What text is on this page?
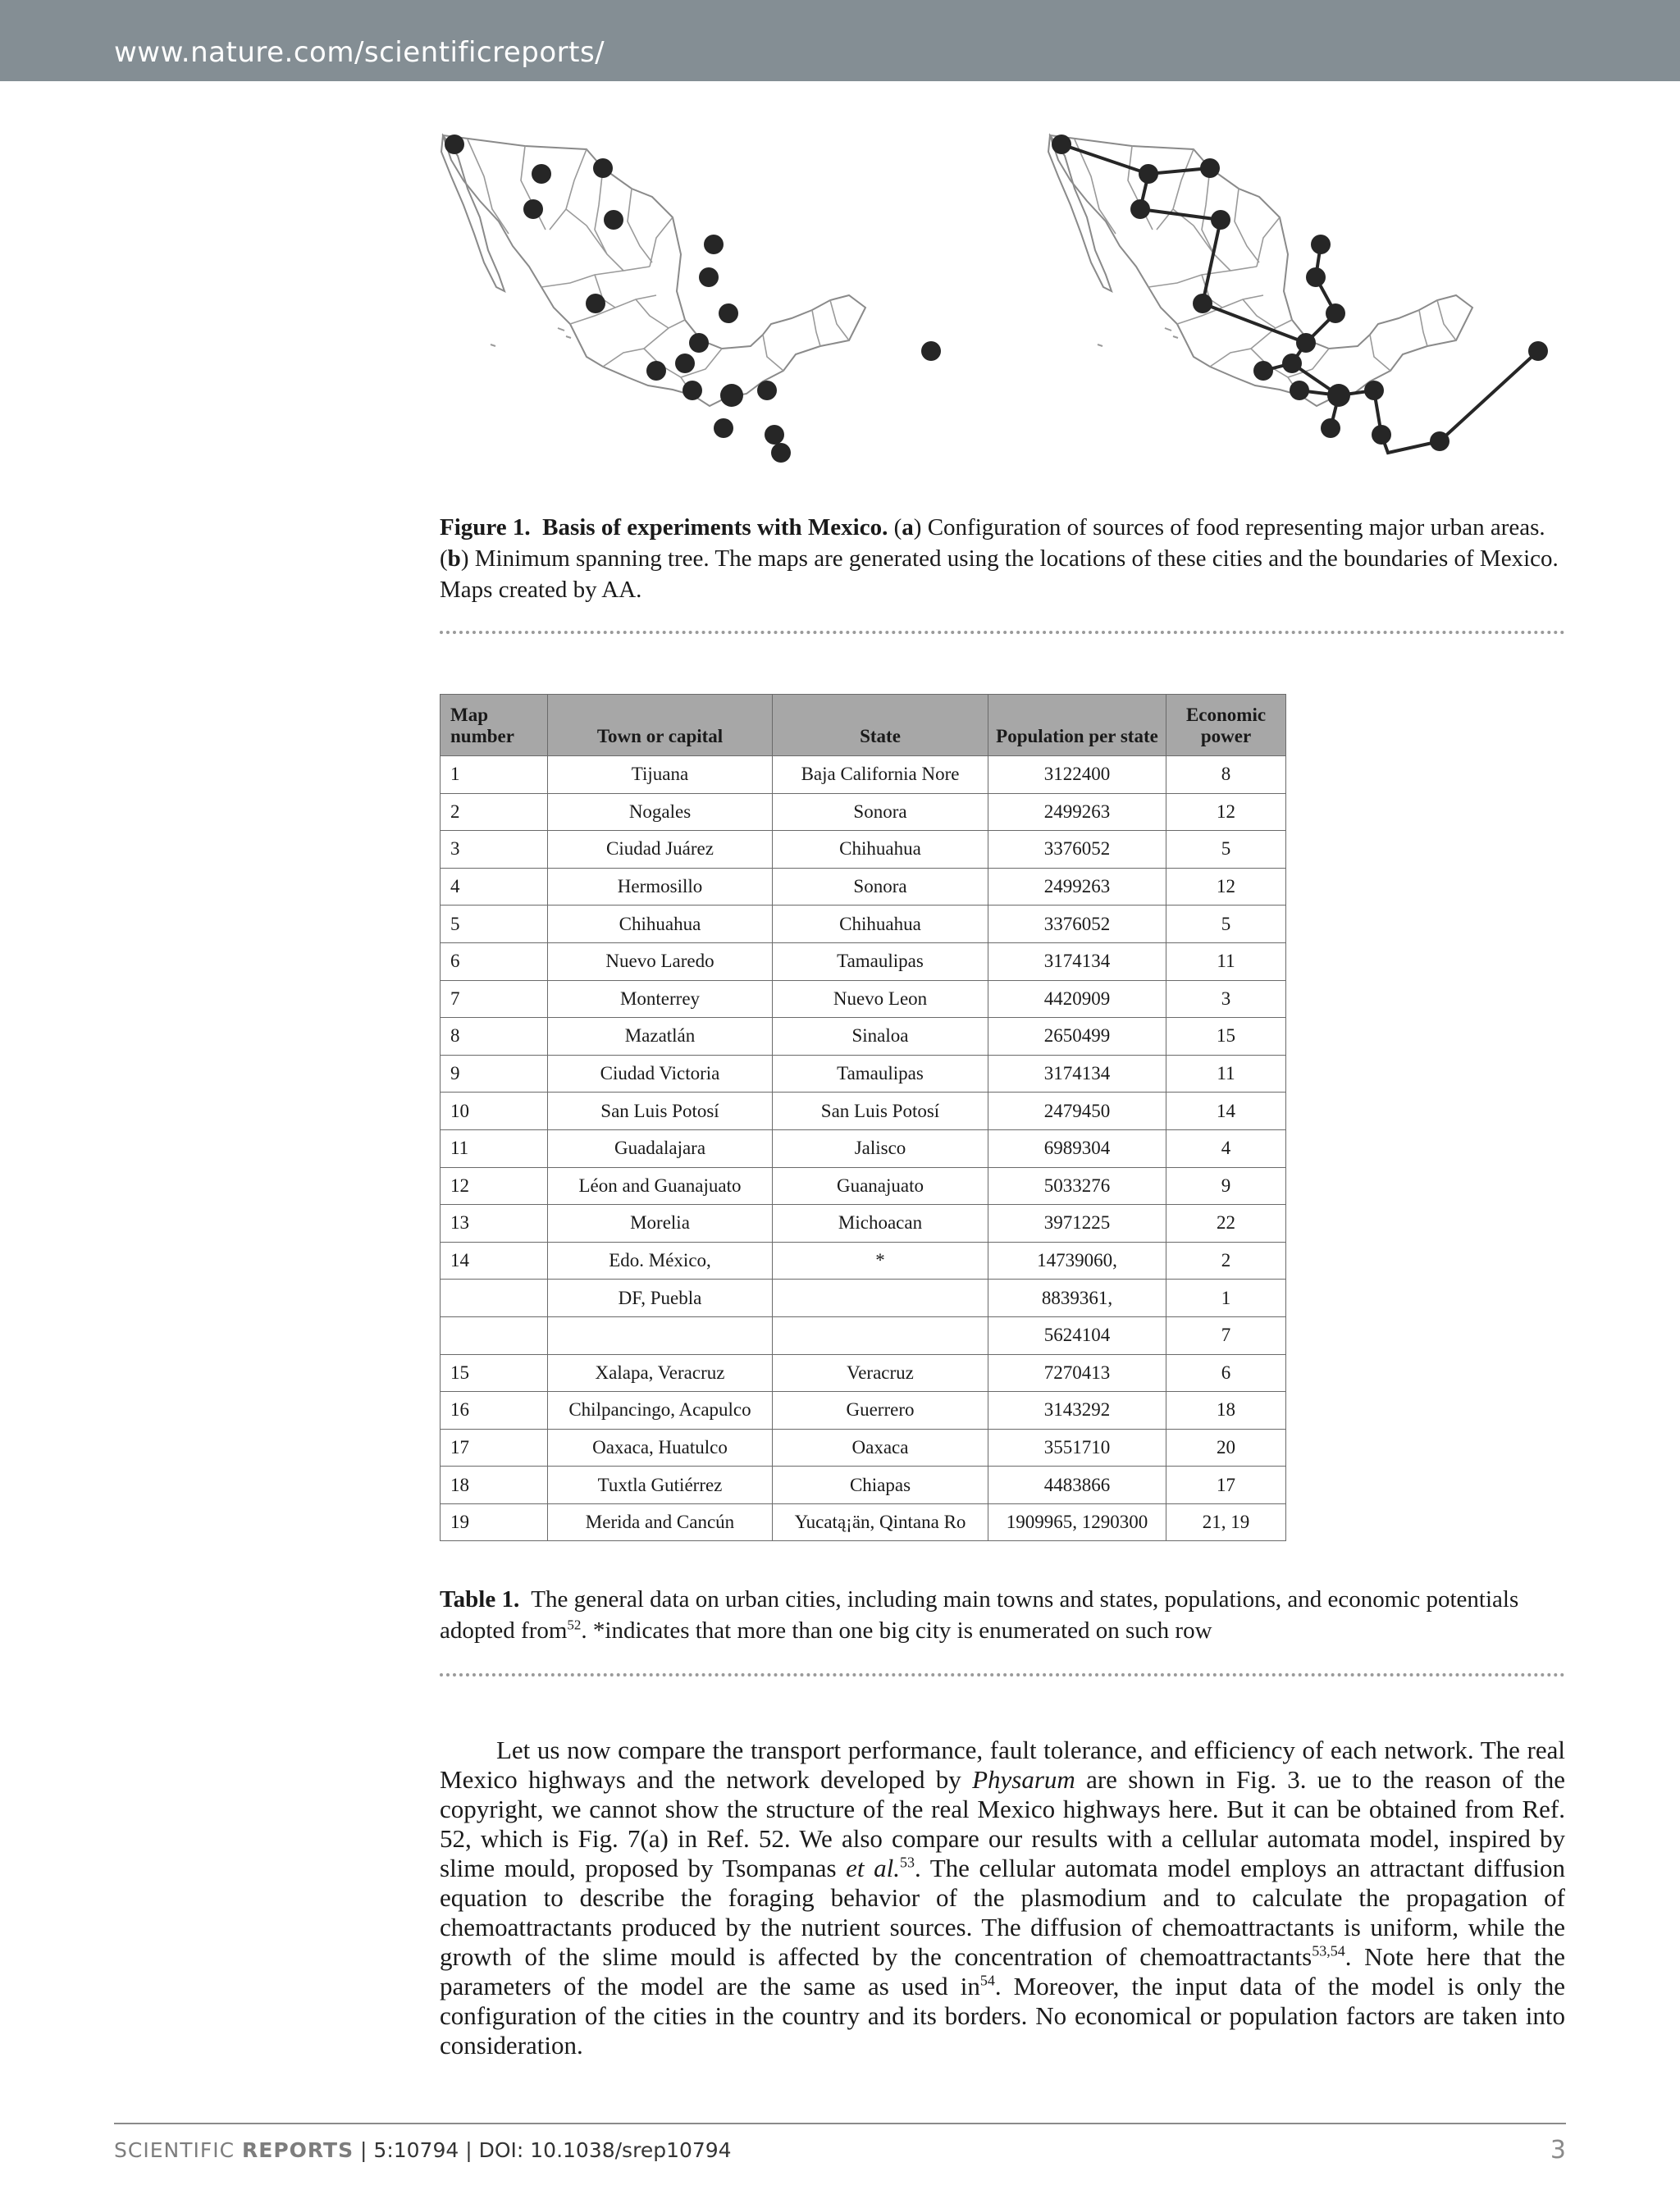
www.nature.com/scientificreports/
Figure 1. Basis of experiments with Mexico. (a) Configuration of sources of food representing major urban areas. (b) Minimum spanning tree. The maps are generated using the locations of these cities and the boundaries of Mexico. Maps created by AA.
Map number	Town or capital	State	Population per state	Economic power
1	Tijuana	Baja California Nore	3122400	8
2	Nogales	Sonora	2499263	12
3	Ciudad Juárez	Chihuahua	3376052	5
4	Hermosillo	Sonora	2499263	12
5	Chihuahua	Chihuahua	3376052	5
6	Nuevo Laredo	Tamaulipas	3174134	11
7	Monterrey	Nuevo Leon	4420909	3
8	Mazatlán	Sinaloa	2650499	15
9	Ciudad Victoria	Tamaulipas	3174134	11
10	San Luis Potosí	San Luis Potosí	2479450	14
11	Guadalajara	Jalisco	6989304	4
12	Léon and Guanajuato	Guanajuato	5033276	9
13	Morelia	Michoacan	3971225	22
14	Edo. México,	*	14739060,	2
	DF, Puebla		8839361,	1
			5624104	7
15	Xalapa, Veracruz	Veracruz	7270413	6
16	Chilpancingo, Acapulco	Guerrero	3143292	18
17	Oaxaca, Huatulco	Oaxaca	3551710	20
18	Tuxtla Gutiérrez	Chiapas	4483866	17
19	Merida and Cancún	Yucatą¡än, Qintana Ro	1909965, 1290300	21, 19
Table 1. The general data on urban cities, including main towns and states, populations, and economic potentials adopted from$^{52}$. *indicates that more than one big city is enumerated on such row
Let us now compare the transport performance, fault tolerance, and efficiency of each network. The real Mexico highways and the network developed by Physarum are shown in Fig. 3. ue to the reason of the copyright, we cannot show the structure of the real Mexico highways here. But it can be obtained from Ref. 52, which is Fig. 7(a) in Ref. 52. We also compare our results with a cellular automata model, inspired by slime mould, proposed by Tsompanas et al.$^{53}$. The cellular automata model employs an attractant diffusion equation to describe the foraging behavior of the plasmodium and to calculate the propagation of chemoattractants produced by the nutrient sources. The diffusion of chemoattractants is uniform, while the growth of the slime mould is affected by the concentration of chemoattractants$^{53,54}$. Note here that the parameters of the model are the same as used $in^{54}$. Moreover, the input data of the model is only the configuration of the cities in the country and its borders. No economical or population factors are taken into consideration.
SCIENTIFIC REPORTS | 5:10794 | DOI: 10.1038/srep10794	3
